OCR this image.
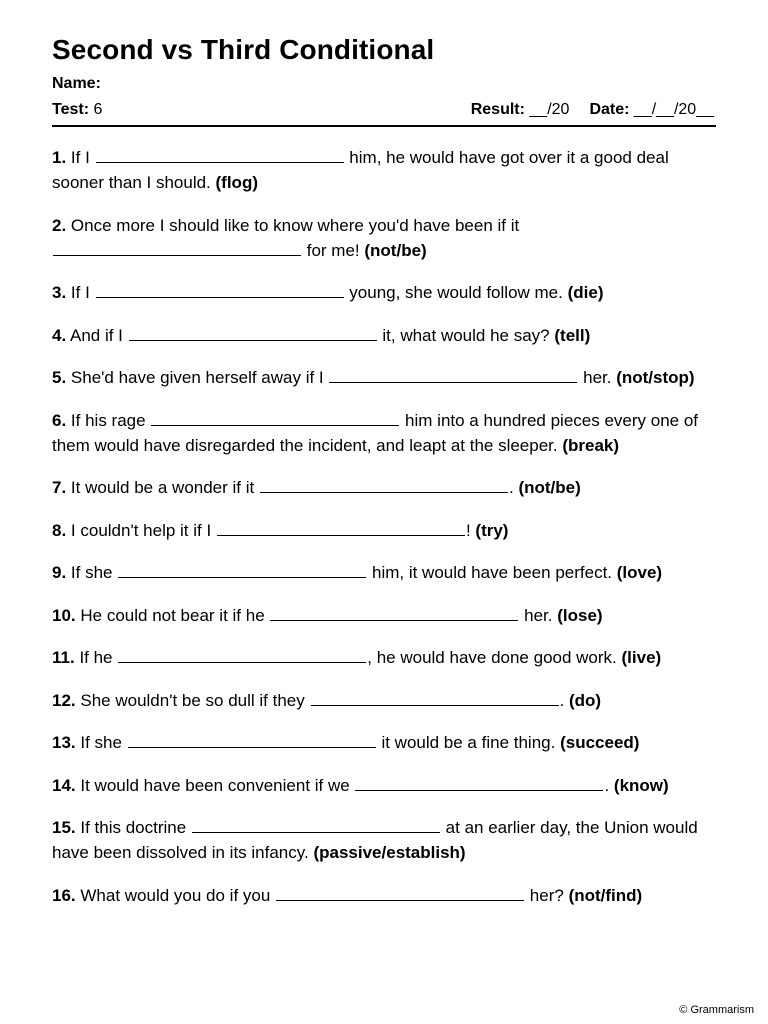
Second vs Third Conditional
Name:
Test: 6	Result: __/20 Date: __/__/20__
1. If I	him, he would have got over it a good deal sooner than I should. (flog)
2. Once more I should like to know where you'd have been if it  for me! (not/be)
3. If I	young, she would follow me. (die)
4. And if I	it, what would he say? (tell)
5. She'd have given herself away if I	her. (not/stop)
6. If his rage	him into a hundred pieces every one of them would have disregarded the incident, and leapt at the sleeper. (break)
7. It would be a wonder if it	. (not/be)
8. I couldn't help it if I	! (try)
9. If she	him, it would have been perfect. (love)
10. He could not bear it if he	her. (lose)
11. If he	, he would have done good work. (live)
12. She wouldn't be so dull if they	. (do)
13. If she	it would be a fine thing. (succeed)
14. It would have been convenient if we	. (know)
15. If this doctrine	at an earlier day, the Union would have been dissolved in its infancy. (passive/establish)
16. What would you do if you	her? (not/find)
© Grammarism
